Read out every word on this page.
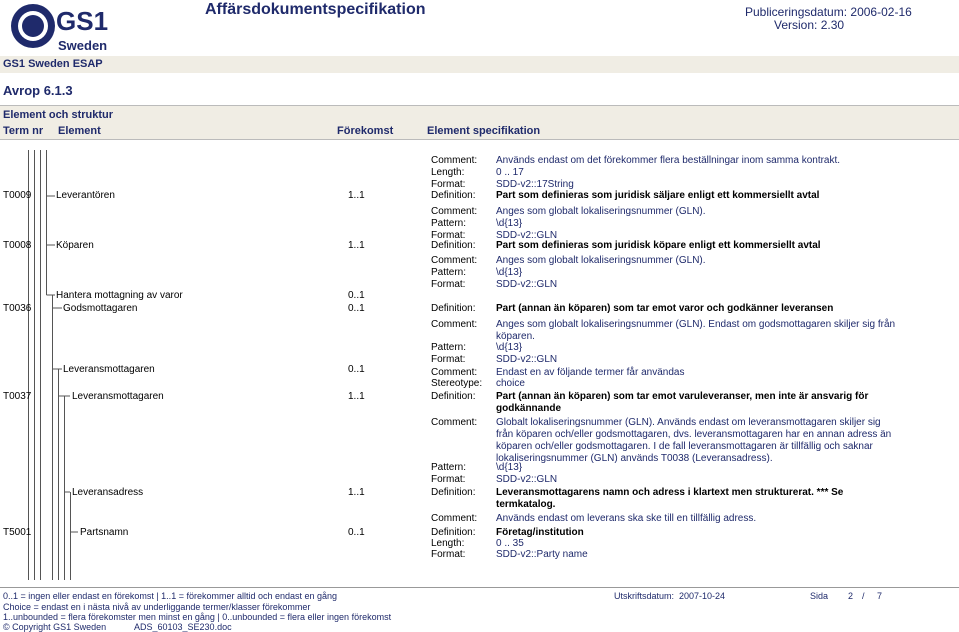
GS1
Sweden
Affärsdokumentspecifikation	Publiceringsdatum: 2006-02-16
Version: 2.30
GS1 Sweden ESAP
Avrop 6.1.3
Element och struktur
Term nr Element	Förekomst	Element specifikation
Comment: Används endast om det förekommer flera beställningar inom samma kontrakt.
Length:	0 .. 17
Format:	SDD-v2::17String
T0009 Leverantören	1..1	Definition: Part som definieras som juridisk säljare enligt ett kommersiellt avtal
Comment: Anges som globalt lokaliseringsnummer (GLN).
Pattern:	\d{13}
Format:	SDD-v2::GLN
T0008 Köparen	1..1	Definition: Part som definieras som juridisk köpare enligt ett kommersiellt avtal
Comment: Anges som globalt lokaliseringsnummer (GLN).
Pattern:	\d{13}
Format:	SDD-v2::GLN
Hantera mottagning av varor	0..1
T0036	Godsmottagaren	0..1	Definition: Part (annan än köparen) som tar emot varor och godkänner leveransen
Comment: Anges som globalt lokaliseringsnummer (GLN). Endast om godsmottagaren skiljer sig från köparen.
Pattern:	\d{13}
Format:	SDD-v2::GLN
Leveransmottagaren	0..1	Comment: Endast en av följande termer får användas
Stereotype: choice
T0037	Leveransmottagaren	1..1	Definition: Part (annan än köparen) som tar emot varuleveranser, men inte är ansvarig för godkännande
Comment: Globalt lokaliseringsnummer (GLN). Används endast om leveransmottagaren skiljer sig från köparen och/eller godsmottagaren, dvs. leveransmottagaren har en annan adress än köparen och/eller godsmottagaren. I de fall leveransmottagaren är tillfällig och saknar lokaliseringsnummer (GLN) används T0038 (Leveransadress).
Pattern:	\d{13}
Format:	SDD-v2::GLN
Leveransadress	1..1	Definition: Leveransmottagarens namn och adress i klartext men strukturerat. *** Se termkatalog.
Comment: Används endast om leverans ska ske till en tillfällig adress.
T5001	Partsnamn	0..1	Definition: Företag/institution
Length:	0 .. 35
Format:	SDD-v2::Party name
0..1 = ingen eller endast en förekomst | 1..1 = förekommer alltid och endast en gång
Choice = endast en i nästa nivå av underliggande termer/klasser förekommer
1..unbounded = flera förekomster men minst en gång | 0..unbounded = flera eller ingen förekomst
© Copyright GS1 Sweden	ADS_60103_SE230.doc
Utskriftsdatum: 2007-10-24	Sida 2 / 7
